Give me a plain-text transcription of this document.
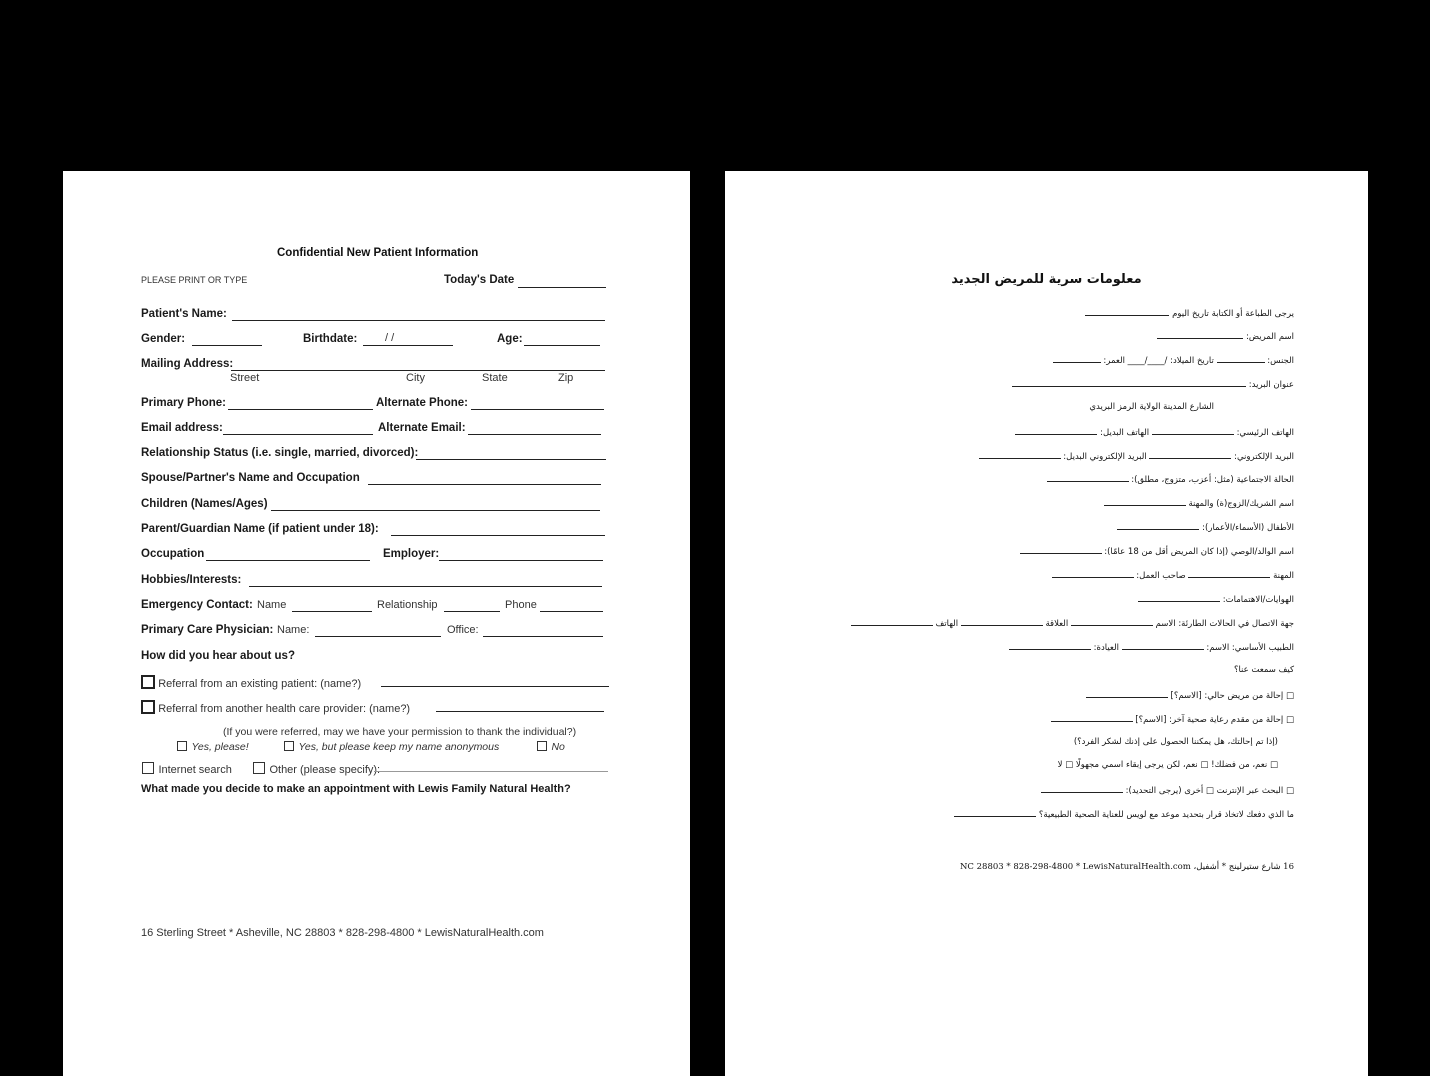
Confidential New Patient Information
PLEASE PRINT OR TYPE	Today's Date
Patient's Name:
Gender:	Birthdate:	/ /	Age:
Mailing Address:
Street	City	State	Zip
Primary Phone:	Alternate Phone:
Email address:	Alternate Email:
Relationship Status (i.e. single, married, divorced):
Spouse/Partner's Name and Occupation
Children (Names/Ages)
Parent/Guardian Name (if patient under 18):
Occupation	Employer:
Hobbies/Interests:
Emergency Contact: Name	Relationship	Phone
Primary Care Physician: Name:	Office:
How did you hear about us?
Referral from an existing patient: (name?)
Referral from another health care provider: (name?)
(If you were referred, may we have your permission to thank the individual?)
Yes, please!	Yes, but please keep my name anonymous	No
Internet search	Other (please specify):
What made you decide to make an appointment with Lewis Family Natural Health?
16 Sterling Street * Asheville, NC 28803 * 828-298-4800 * LewisNaturalHealth.com
معلومات سرية للمريض الجديد
يرجى الطباعة أو الكتابة تاريخ اليوم
اسم المريض:
الجنس:  تاريخ الميلاد: /____/____ العمر:
عنوان البريد:
الشارع المدينة الولاية الرمز البريدي
الهاتف الرئيسي:  الهاتف البديل:
البريد الإلكتروني:  البريد الإلكتروني البديل:
الحالة الاجتماعية (مثل: أعزب، متزوج، مطلق):
اسم الشريك/الزوج(ة) والمهنة
الأطفال (الأسماء/الأعمار):
اسم الوالد/الوصي (إذا كان المريض أقل من 18 عامًا):
المهنة  صاحب العمل:
الهوايات/الاهتمامات:
جهة الاتصال في الحالات الطارئة: الاسم  العلاقة  الهاتف
الطبيب الأساسي: الاسم:  العيادة:
كيف سمعت عنا؟
□ إحالة من مريض حالي: [الاسم؟]
□ إحالة من مقدم رعاية صحية آخر: [الاسم؟]
(إذا تم إحالتك، هل يمكننا الحصول على إذنك لشكر الفرد؟)
□ نعم، من فضلك! □ نعم، لكن يرجى إبقاء اسمي مجهولًا □ لا
□ البحث عبر الإنترنت □ أخرى (يرجى التحديد):
ما الذي دفعك لاتخاذ قرار بتحديد موعد مع لويس للعناية الصحية الطبيعية؟
16 شارع ستيرلينج * أشفيل، NC 28803 * 828-298-4800 * LewisNaturalHealth.com
